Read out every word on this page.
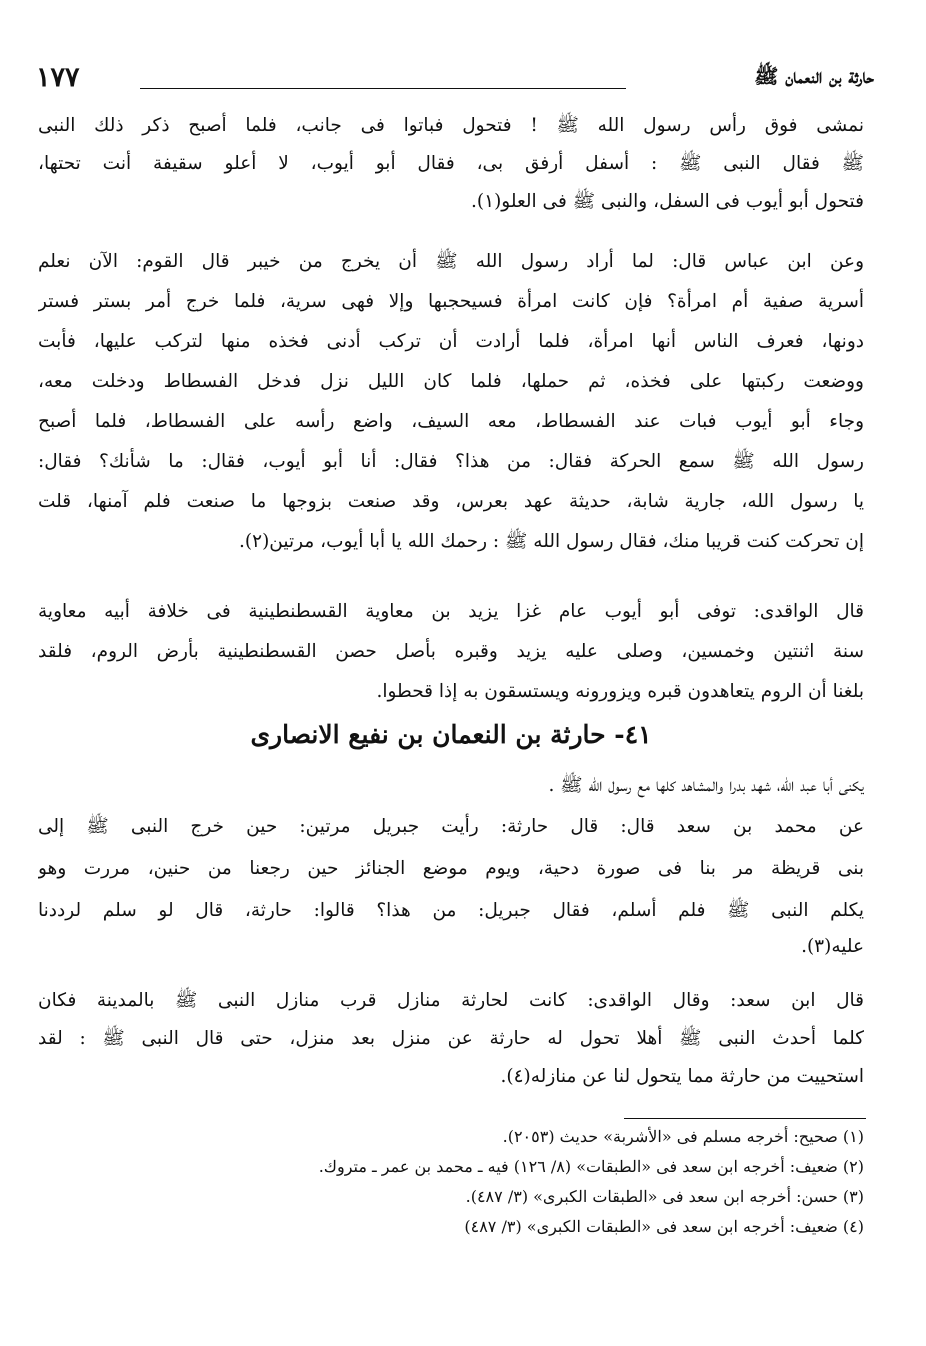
حارثة بن النعمان ﷺ
١٧٧
نمشى فوق رأس رسول الله ﷺ ! فتحول فباتوا فى جانب، فلما أصبح ذكر ذلك النبى
ﷺ فقال النبى ﷺ : أسفل أرفق بى، فقال أبو أيوب، لا أعلو سقيفة أنت تحتها،
فتحول أبو أيوب فى السفل، والنبى ﷺ فى العلو(١).
وعن ابن عباس قال: لما أراد رسول الله ﷺ أن يخرج من خيبر قال القوم: الآن نعلم
أسرية صفية أم امرأة؟ فإن كانت امرأة فسيحجبها وإلا فهى سرية، فلما خرج أمر بستر فستر
دونها، فعرف الناس أنها امرأة، فلما أرادت أن تركب أدنى فخذه منها لتركب عليها، فأبت
ووضعت ركبتها على فخذه، ثم حملها، فلما كان الليل نزل فدخل الفسطاط ودخلت معه،
وجاء أبو أيوب فبات عند الفسطاط، معه السيف، واضع رأسه على الفسطاط، فلما أصبح
رسول الله ﷺ سمع الحركة فقال: من هذا؟ فقال: أنا أبو أيوب، فقال: ما شأنك؟ فقال:
يا رسول الله، جارية شابة، حديثة عهد بعرس، وقد صنعت بزوجها ما صنعت فلم آمنها، قلت
إن تحركت كنت قريبا منك، فقال رسول الله ﷺ : رحمك الله يا أبا أيوب، مرتين(٢).
قال الواقدى: توفى أبو أيوب عام غزا يزيد بن معاوية القسطنطينية فى خلافة أبيه معاوية
سنة اثنتين وخمسين، وصلى عليه يزيد وقبره بأصل حصن القسطنطينية بأرض الروم، فلقد
بلغنا أن الروم يتعاهدون قبره ويزورونه ويستسقون به إذا قحطوا.
٤١- حارثة بن النعمان بن نفيع الانصارى
يكنى أبا عبد الله، شهد بدرا والمشاهد كلها مع رسول الله ﷺ .
عن محمد بن سعد قال: قال حارثة: رأيت جبريل مرتين: حين خرج النبى ﷺ إلى
بنى قريظة مر بنا فى صورة دحية، ويوم موضع الجنائز حين رجعنا من حنين، مررت وهو
يكلم النبى ﷺ فلم أسلم، فقال جبريل: من هذا؟ قالوا: حارثة، قال لو سلم لرددنا
عليه(٣).
قال ابن سعد: وقال الواقدى: كانت لحارثة منازل قرب منازل النبى ﷺ بالمدينة فكان
كلما أحدث النبى ﷺ أهلا تحول له حارثة عن منزل بعد منزل، حتى قال النبى ﷺ : لقد
استحييت من حارثة مما يتحول لنا عن منازله(٤).
(١) صحيح: أخرجه مسلم فى «الأشربة» حديث (٢٠٥٣).
(٢) ضعيف: أخرجه ابن سعد فى «الطبقات» (٨/ ١٢٦) فيه ـ محمد بن عمر ـ متروك.
(٣) حسن: أخرجه ابن سعد فى «الطبقات الكبرى» (٣/ ٤٨٧).
(٤) ضعيف: أخرجه ابن سعد فى «الطبقات الكبرى» (٣/ ٤٨٧)
